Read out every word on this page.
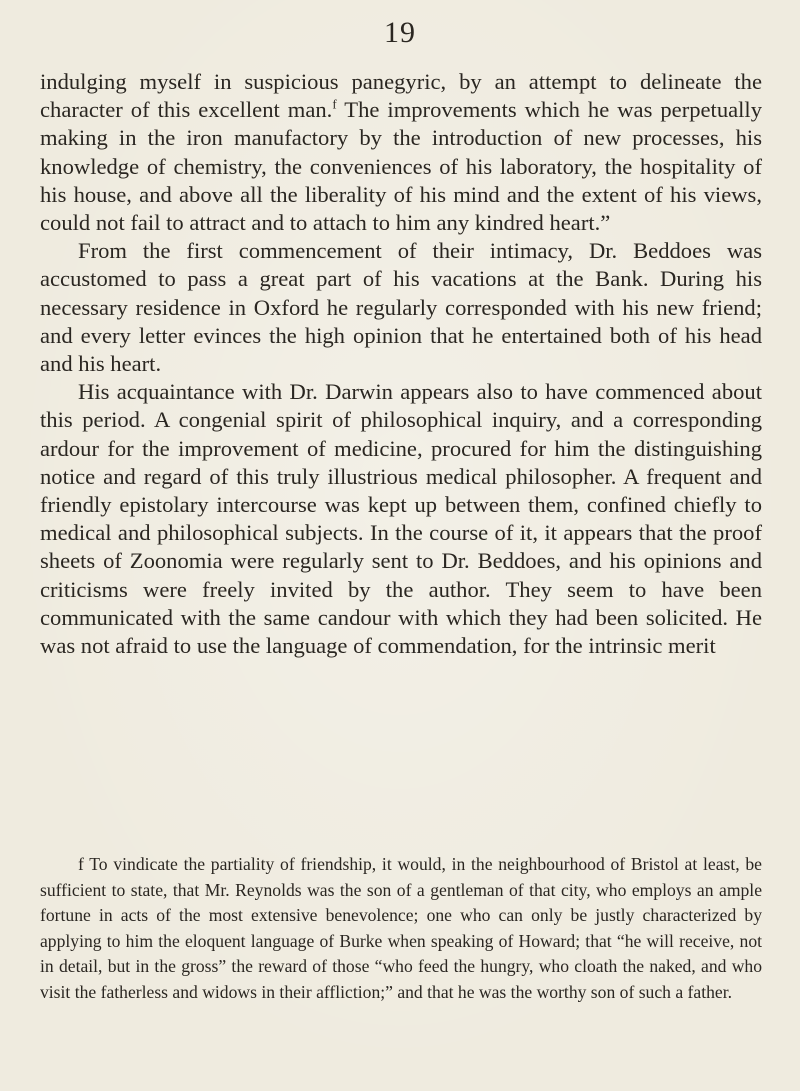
19

indulging myself in suspicious panegyric, by an attempt to delineate the character of this excellent man.$^f$ The improvements which he was perpetually making in the iron manufactory by the introduction of new processes, his knowledge of chemistry, the conveniences of his laboratory, the hospitality of his house, and above all the liberality of his mind and the extent of his views, could not fail to attract and to attach to him any kindred heart.”

From the first commencement of their intimacy, Dr. Beddoes was accustomed to pass a great part of his vacations at the Bank. During his necessary residence in Oxford he regularly corresponded with his new friend; and every letter evinces the high opinion that he entertained both of his head and his heart.

His acquaintance with Dr. Darwin appears also to have commenced about this period. A congenial spirit of philosophical inquiry, and a corresponding ardour for the improvement of medicine, procured for him the distinguishing notice and regard of this truly illustrious medical philosopher. A frequent and friendly epistolary intercourse was kept up between them, confined chiefly to medical and philosophical subjects. In the course of it, it appears that the proof sheets of Zoonomia were regularly sent to Dr. Beddoes, and his opinions and criticisms were freely invited by the author. They seem to have been communicated with the same candour with which they had been solicited. He was not afraid to use the language of commendation, for the intrinsic merit

f To vindicate the partiality of friendship, it would, in the neighbourhood of Bristol at least, be sufficient to state, that Mr. Reynolds was the son of a gentleman of that city, who employs an ample fortune in acts of the most extensive benevolence; one who can only be justly characterized by applying to him the eloquent language of Burke when speaking of Howard; that “he will receive, not in detail, but in the gross” the reward of those “who feed the hungry, who cloath the naked, and who visit the fatherless and widows in their affliction;” and that he was the worthy son of such a father.
